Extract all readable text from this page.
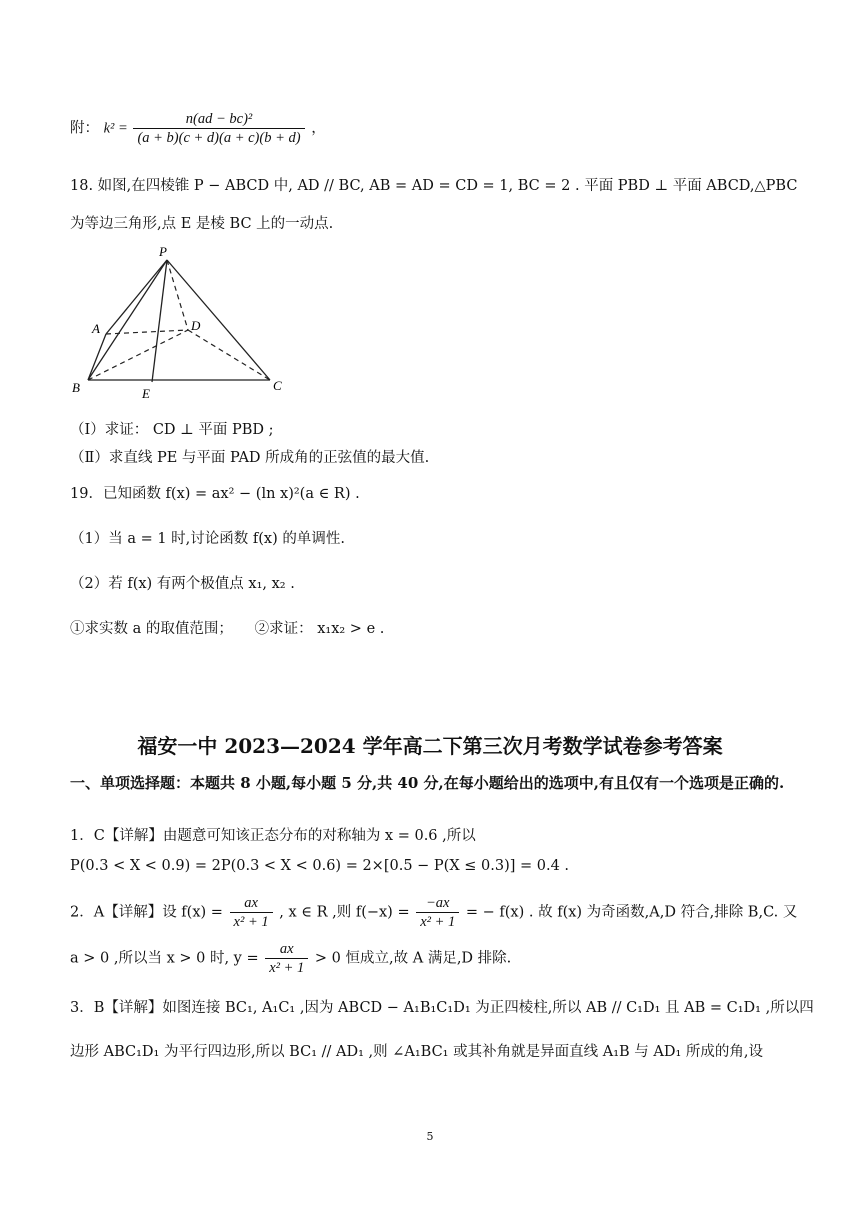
附： $k^2 = \frac{\text{n(ad − bc)²}}{(a + b)(c + d)(a + c)(b + d)}$ ，
18. 如图,在四棱锥 P − ABCD 中, AD // BC, AB = AD = CD = 1, BC = 2 . 平面 PBD ⊥ 平面 ABCD,△PBC
为等边三角形,点 E 是棱 BC 上的一动点.
P
A	D
B	E
C
（Ⅰ）求证： CD ⊥ 平面 PBD ;
（Ⅱ）求直线 PE 与平面 PAD 所成角的正弦值的最大值.
19．已知函数 f(x) = ax² − (ln x)²(a ∈ R) .
（1）当 a = 1 时,讨论函数 f(x) 的单调性.
（2）若 f(x) 有两个极值点 x₁, x₂ .
①求实数 a 的取值范围；　　②求证： x₁x₂ > e .
福安一中 2023—2024 学年高二下第三次月考数学试卷参考答案
一、单项选择题：本题共 8 小题,每小题 5 分,共 40 分,在每小题给出的选项中,有且仅有一个选项是正确的.
1．C【详解】由题意可知该正态分布的对称轴为 x = 0.6 ,所以
P(0.3 < X < 0.9) = 2P(0.3 < X < 0.6) = 2×[0.5 − P(X ≤ 0.3)] = 0.4 .
2．A【详解】设 $f(x) = \frac{ax}{\text{x² + 1}}$ , x ∈ R ,则 $f(-x) = \frac{-ax}{\text{x² + 1}}$ = − f(x) . 故 f(x) 为奇函数,A,D 符合,排除 B,C. 又
a > 0 ,所以当 x > 0 时, $y = \frac{ax}{\text{x² + 1}} > 0$ 恒成立,故 A 满足,D 排除.
3．B【详解】如图连接 BC₁, A₁C₁ ,因为 ABCD − A₁B₁C₁D₁ 为正四棱柱,所以 AB // C₁D₁ 且 AB = C₁D₁ ,所以四
边形 ABC₁D₁ 为平行四边形,所以 BC₁ // AD₁ ,则 ∠A₁BC₁ 或其补角就是异面直线 A₁B 与 AD₁ 所成的角,设
5
